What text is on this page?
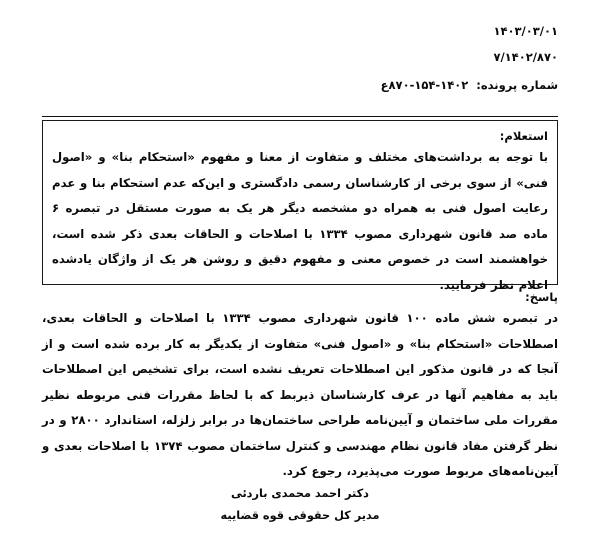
۱۴۰۳/۰۳/۰۱
۷/۱۴۰۲/۸۷۰
شماره پرونده:۸۷۰-۱۵۴-۱۴۰۲ع
استعلام:

با توجه به برداشت‌های مختلف و متفاوت از معنا و مفهوم «استحکام بنا» و «اصول فنی» از سوی برخی از کارشناسان رسمی دادگستری و این‌که عدم استحکام بنا و عدم رعایت اصول فنی به همراه دو مشخصه دیگر هر یک به صورت مستقل در تبصره ۶ ماده صد قانون شهرداری مصوب ۱۳۳۴ با اصلاحات و الحاقات بعدی ذکر شده است، خواهشمند است در خصوص معنی و مفهوم دقیق و روشن هر یک از واژگان یادشده اعلام نظر فرمایید.

پاسخ:

در تبصره شش ماده ۱۰۰ قانون شهرداری مصوب ۱۳۳۴ با اصلاحات و الحاقات بعدی، اصطلاحات «استحکام بنا» و «اصول فنی» متفاوت از یکدیگر به کار برده شده است و از آنجا که در قانون مذکور این اصطلاحات تعریف نشده است، برای تشخیص این اصطلاحات باید به مفاهیم آنها در عرف کارشناسان ذیربط که با لحاظ مقررات فنی مربوطه نظیر مقررات ملی ساختمان و آیین‌نامه طراحی ساختمان‌ها در برابر زلزله، استاندارد ۲۸۰۰ و در نظر گرفتن مفاد قانون نظام مهندسی و کنترل ساختمان مصوب ۱۳۷۴ با اصلاحات بعدی و آیین‌نامه‌های مربوط صورت می‌پذیرد، رجوع کرد.

دکتر احمد محمدی باردئی
مدیر کل حقوقی قوه قضاییه
